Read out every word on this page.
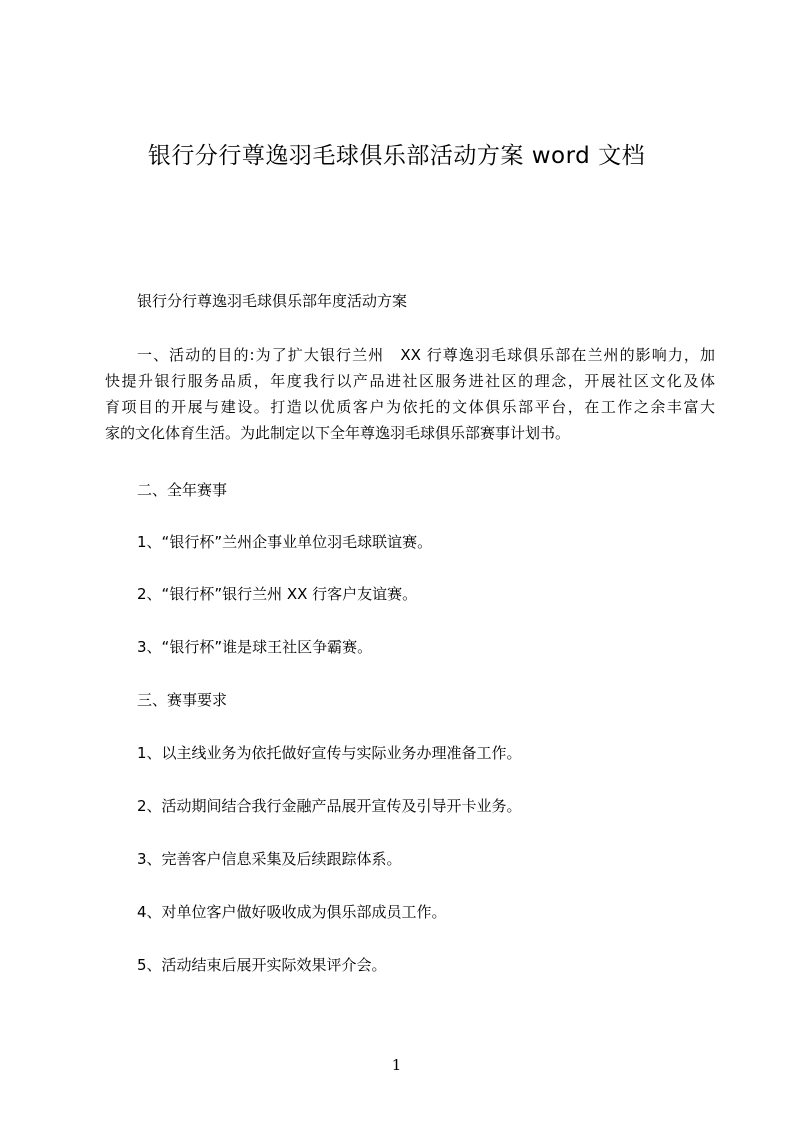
银行分行尊逸羽毛球俱乐部活动方案 word 文档
银行分行尊逸羽毛球俱乐部年度活动方案
一、活动的目的:为了扩大银行兰州　XX 行尊逸羽毛球俱乐部在兰州的影响力，加
快提升银行服务品质，年度我行以产品进社区服务进社区的理念，开展社区文化及体
育项目的开展与建设。打造以优质客户为依托的文体俱乐部平台，在工作之余丰富大
家的文化体育生活。为此制定以下全年尊逸羽毛球俱乐部赛事计划书。
二、全年赛事
1、“银行杯”兰州企事业单位羽毛球联谊赛。
2、“银行杯”银行兰州 XX 行客户友谊赛。
3、“银行杯”谁是球王社区争霸赛。
三、赛事要求
1、以主线业务为依托做好宣传与实际业务办理准备工作。
2、活动期间结合我行金融产品展开宣传及引导开卡业务。
3、完善客户信息采集及后续跟踪体系。
4、对单位客户做好吸收成为俱乐部成员工作。
5、活动结束后展开实际效果评介会。
1
